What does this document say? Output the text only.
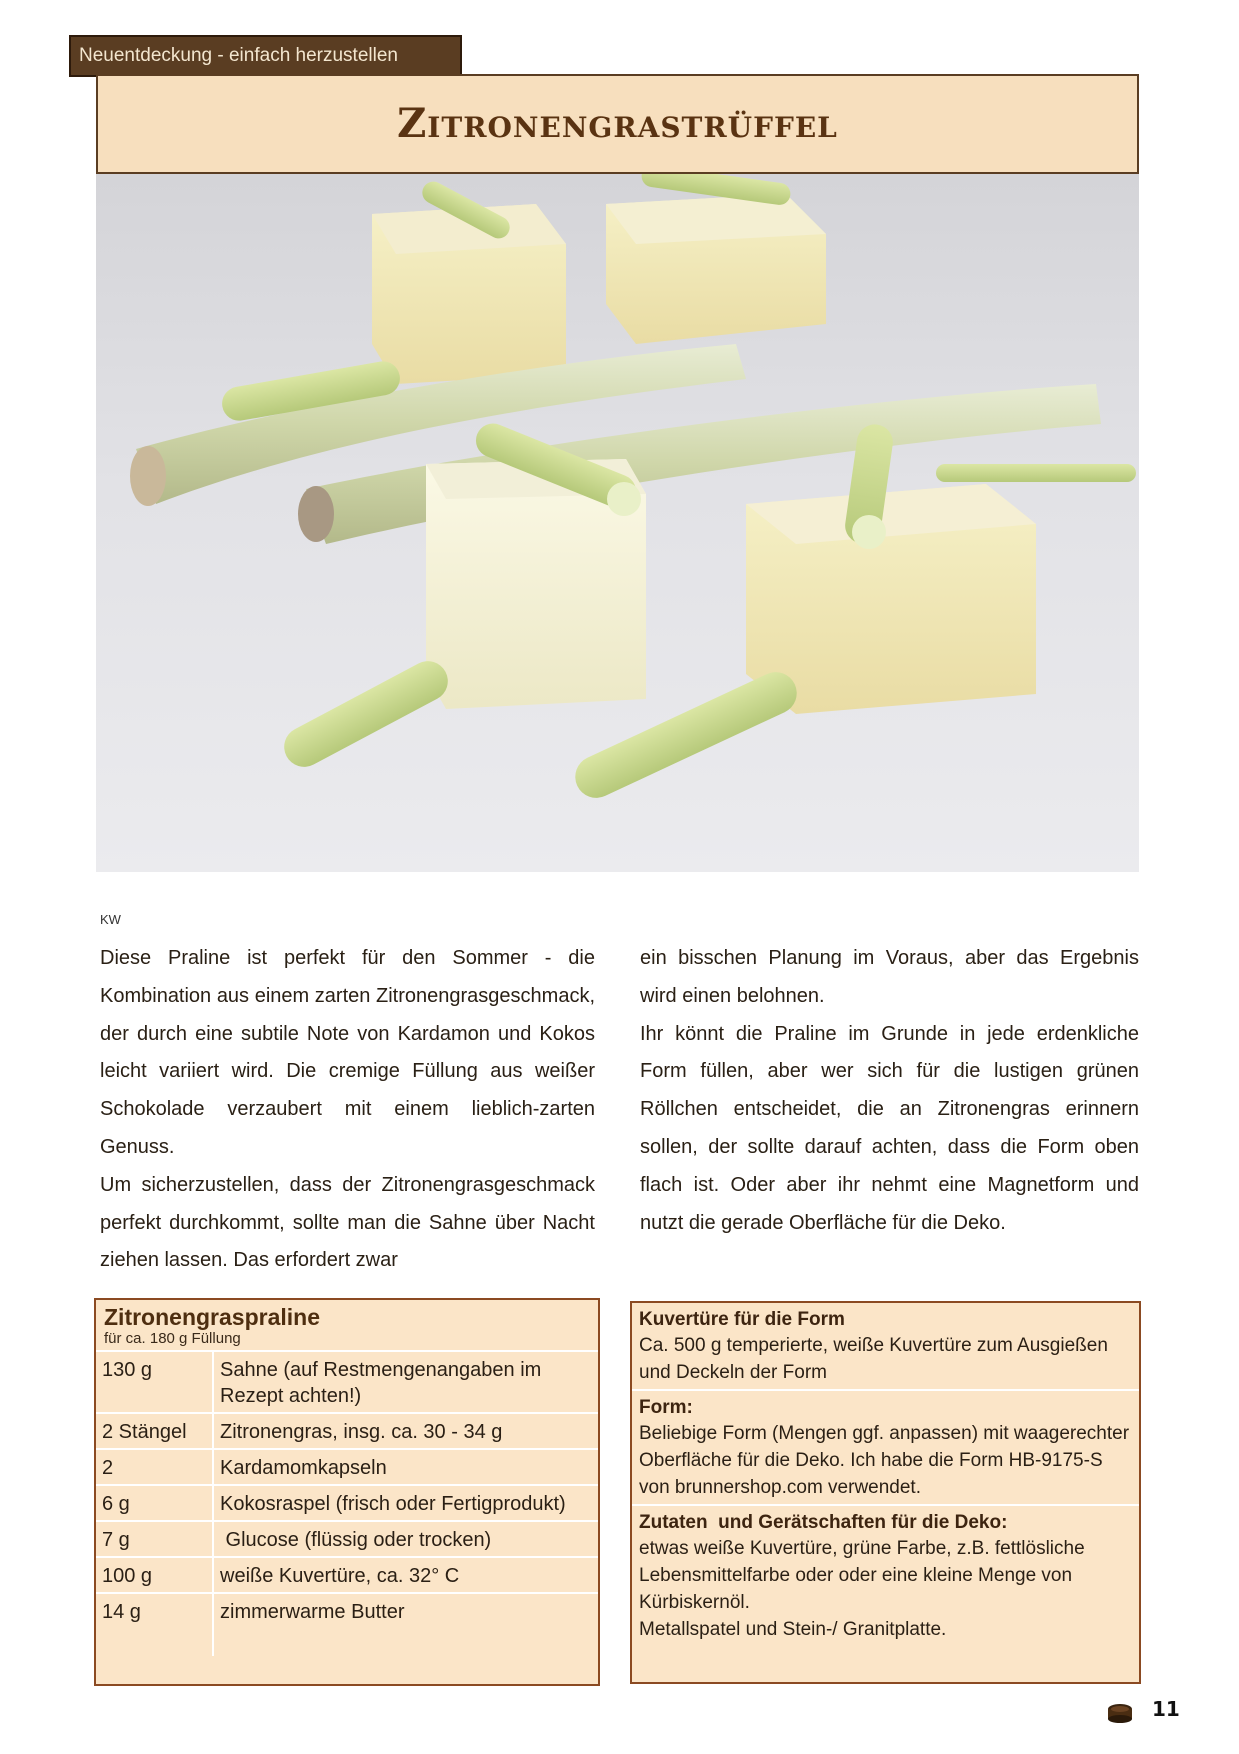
Neuentdeckung - einfach herzustellen
Zitronengrastrüffel
KW

Diese Praline ist perfekt für den Sommer - die Kombination aus einem zarten Zitronengrasgeschmack, der durch eine subtile Note von Kardamon und Kokos leicht variiert wird. Die cremige Füllung aus weißer Schokolade verzaubert mit einem lieblich-zarten Genuss.

Um sicherzustellen, dass der Zitronengrasgeschmack perfekt durchkommt, sollte man die Sahne über Nacht ziehen lassen. Das erfordert zwar

ein bisschen Planung im Voraus, aber das Ergebnis wird einen belohnen.

Ihr könnt die Praline im Grunde in jede erdenkliche Form füllen, aber wer sich für die lustigen grünen Röllchen entscheidet, die an Zitronengras erinnern sollen, der sollte darauf achten, dass die Form oben flach ist. Oder aber ihr nehmt eine Magnetform und nutzt die gerade Oberfläche für die Deko.

Zitronengraspraline
für ca. 180 g Füllung
130 g	Sahne (auf Restmengenangaben im Rezept achten!)
2 Stängel	Zitronengras, insg. ca. 30 - 34 g
2	Kardamomkapseln
6 g	Kokosraspel (frisch oder Fertigprodukt)
7 g	Glucose (flüssig oder trocken)
100 g	weiße Kuvertüre, ca. 32° C
14 g	zimmerwarme Butter
Kuvertüre für die Form
Ca. 500 g temperierte, weiße Kuvertüre zum Ausgießen und Deckeln der Form
Form:
Beliebige Form (Mengen ggf. anpassen) mit waagerechter Oberfläche für die Deko. Ich habe die Form HB-9175-S von brunnershop.com verwendet.
Zutaten  und Gerätschaften für die Deko:
etwas weiße Kuvertüre, grüne Farbe, z.B. fettlösliche Lebensmittelfarbe oder oder eine kleine Menge von Kürbiskernöl.
Metallspatel und Stein-/ Granitplatte.
11
